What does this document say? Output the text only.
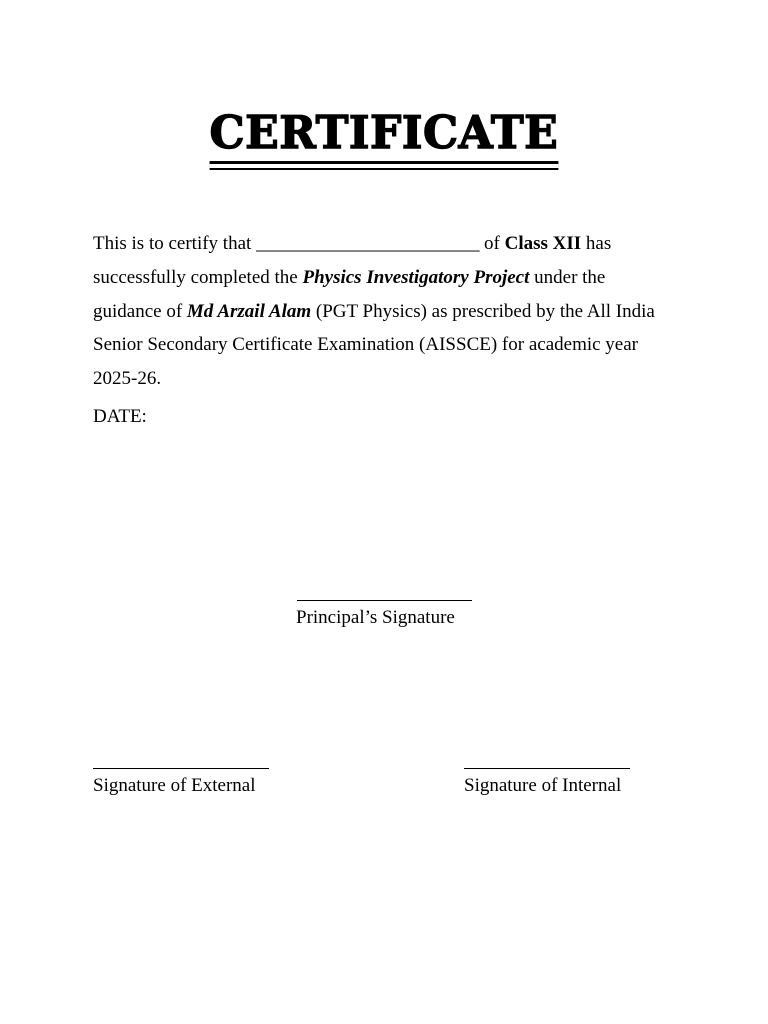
CERTIFICATE

This is to certify that ________________________ of Class XII has successfully completed the Physics Investigatory Project under the guidance of Md Arzail Alam (PGT Physics) as prescribed by the All India Senior Secondary Certificate Examination (AISSCE) for academic year 2025-26.

DATE:

Principal’s Signature
Signature of External	Signature of Internal
